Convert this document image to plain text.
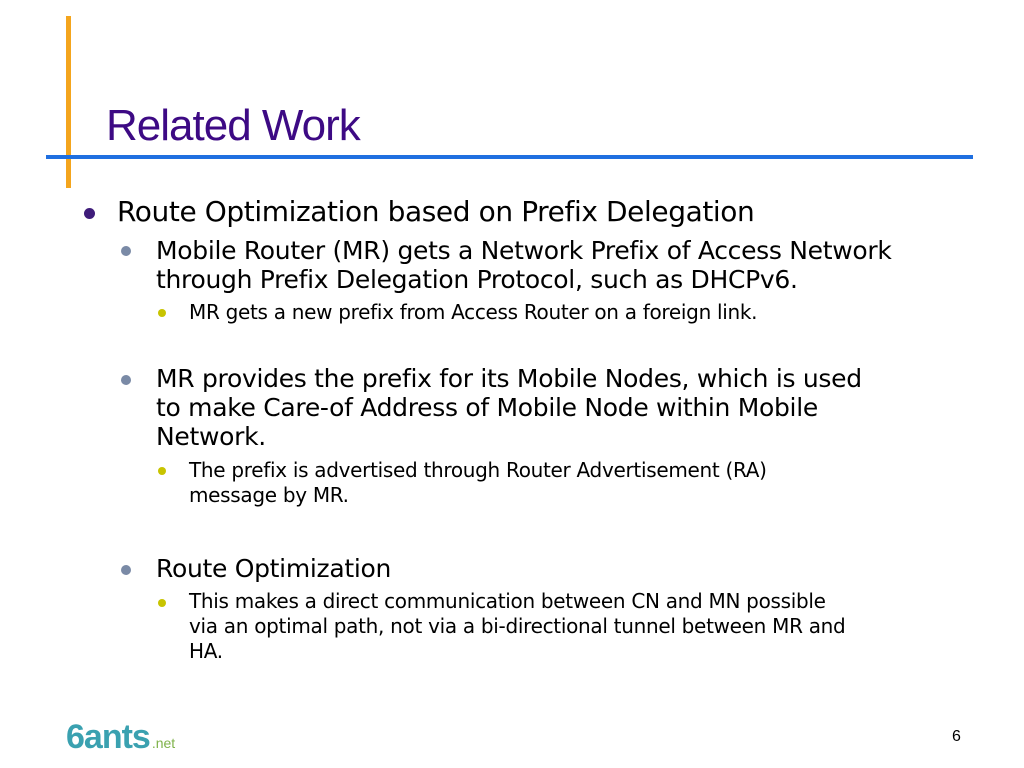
Related Work
Route Optimization based on Prefix Delegation
Mobile Router (MR) gets a Network Prefix of Access Network
through Prefix Delegation Protocol, such as DHCPv6.
MR gets a new prefix from Access Router on a foreign link.
MR provides the prefix for its Mobile Nodes, which is used
to make Care-of Address of Mobile Node within Mobile
Network.
The prefix is advertised through Router Advertisement (RA)
message by MR.
Route Optimization
This makes a direct communication between CN and MN possible
via an optimal path, not via a bi-directional tunnel between MR and
HA.
6ants .net	6
